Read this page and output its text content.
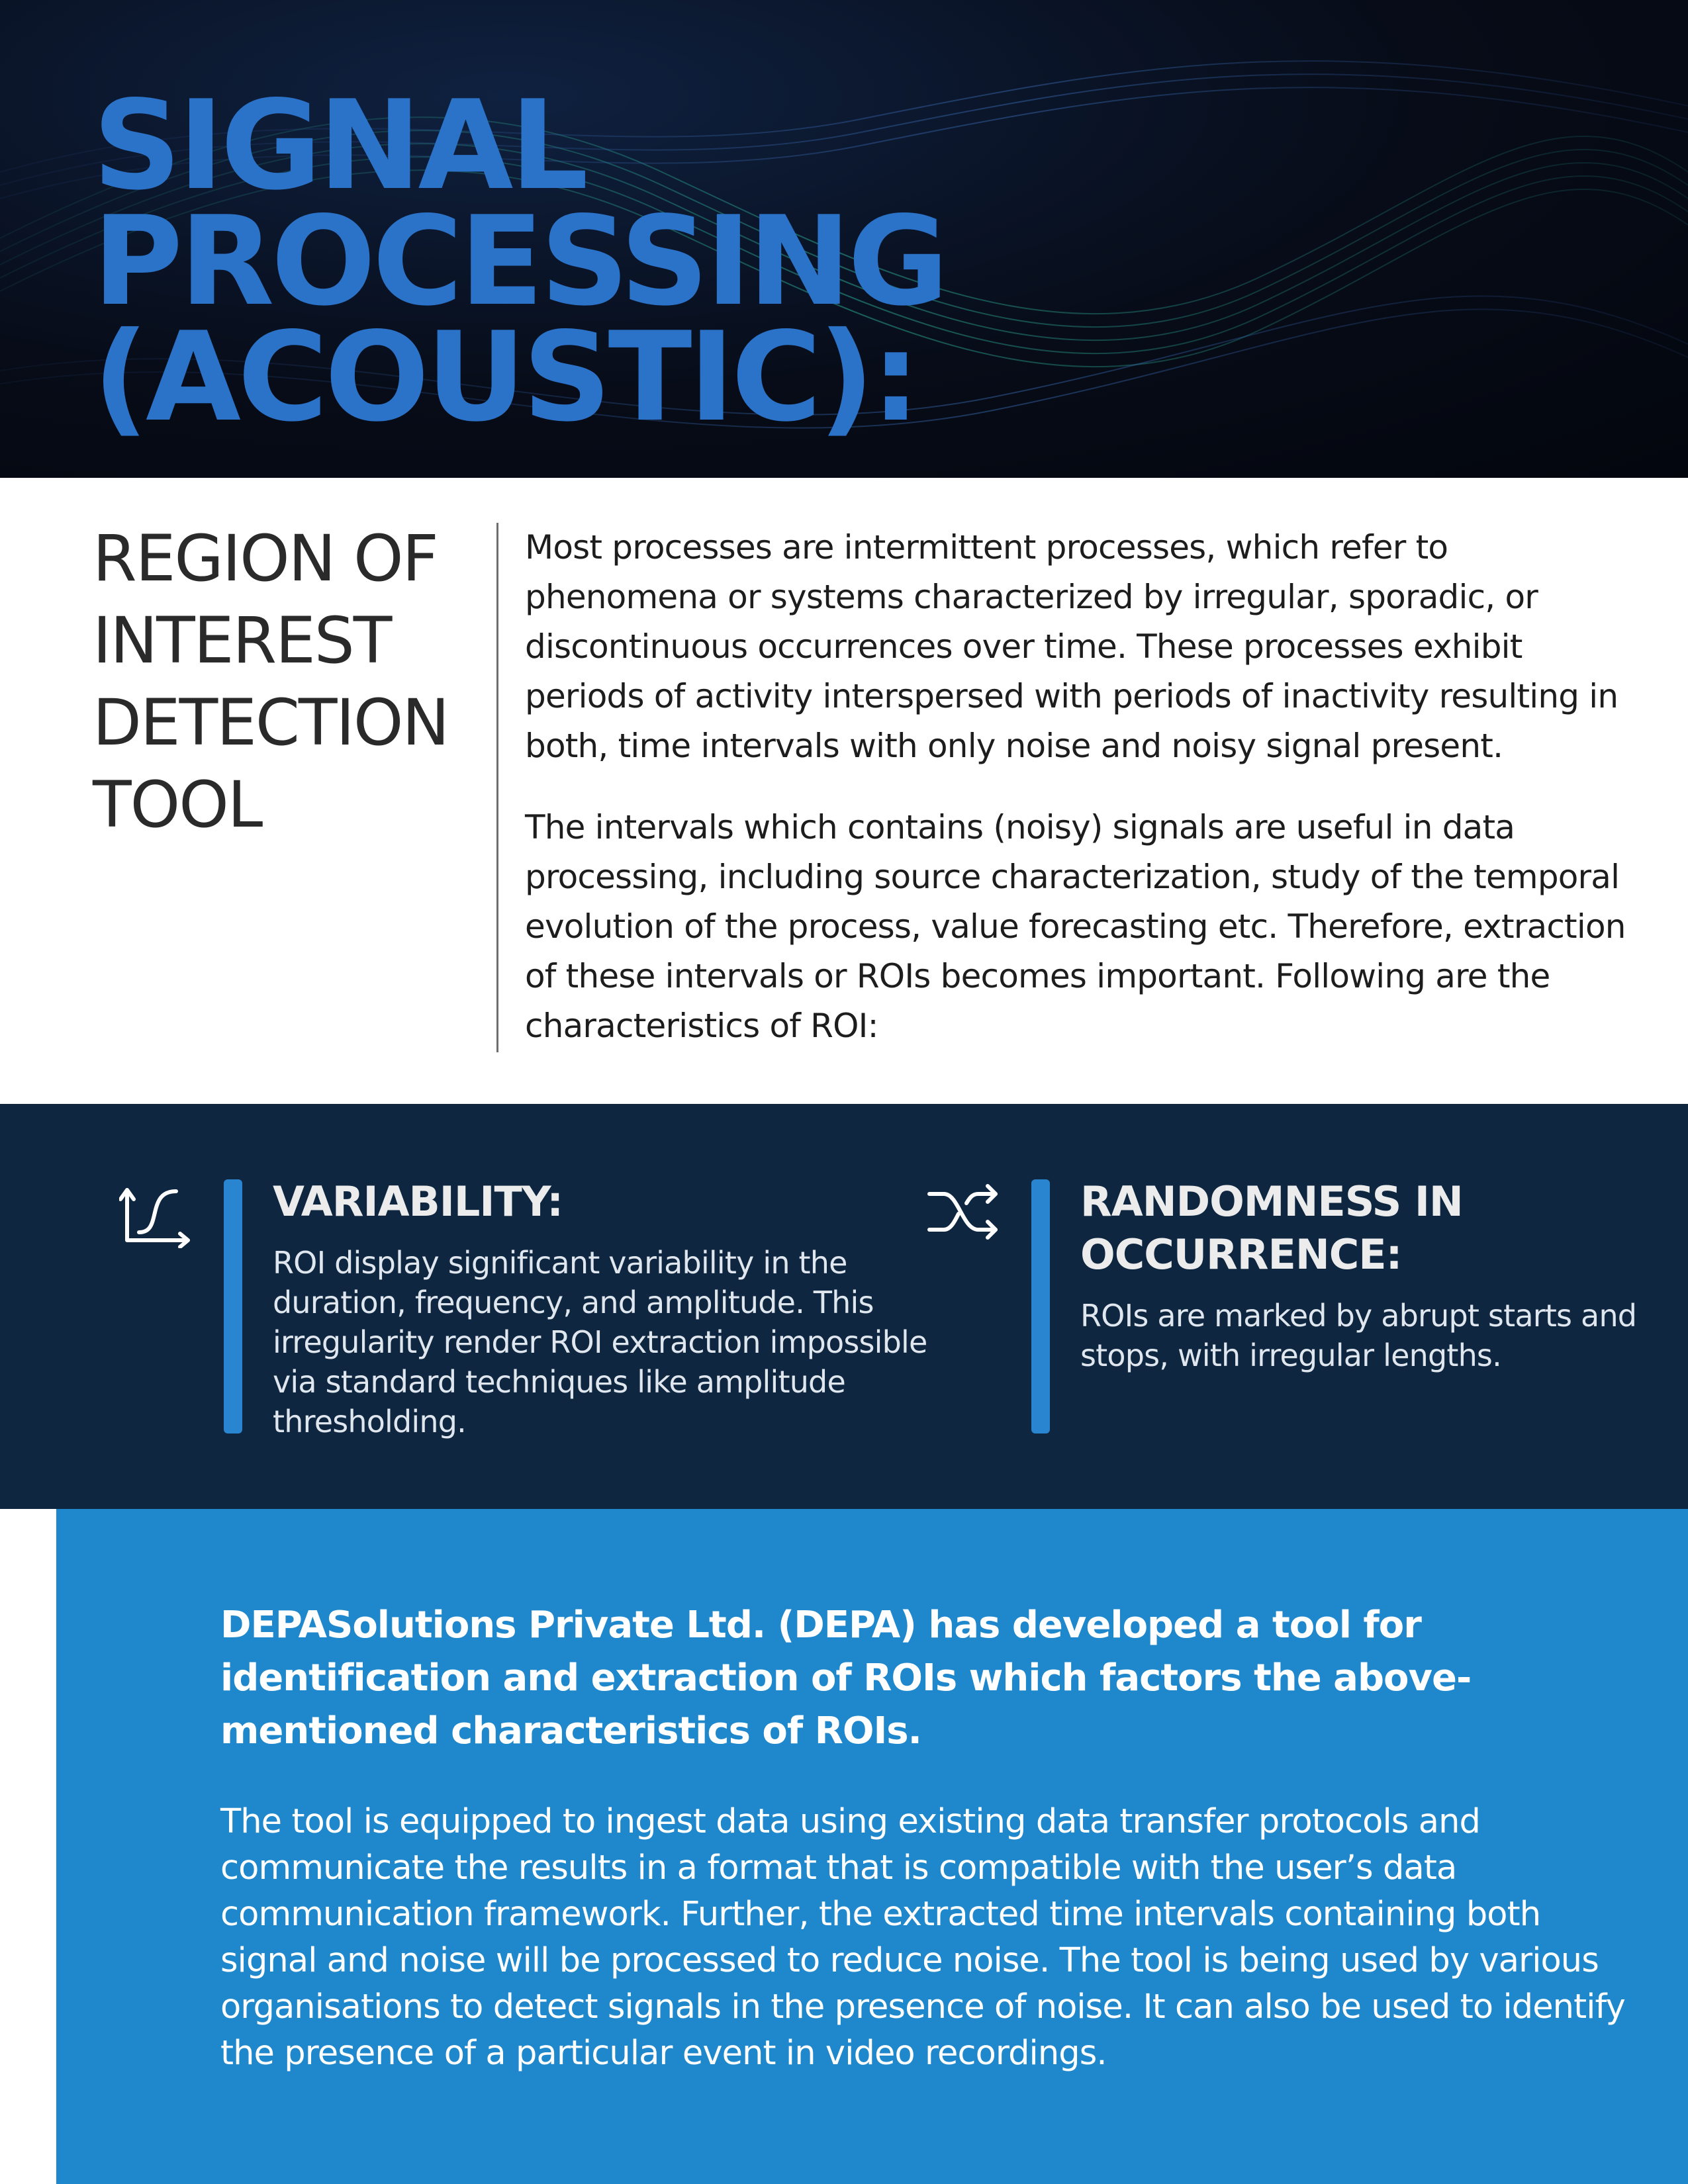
SIGNAL
PROCESSING
(ACOUSTIC):
REGION OF
INTEREST
DETECTION
TOOL

Most processes are intermittent processes, which refer to phenomena or systems characterized by irregular, sporadic, or discontinuous occurrences over time. These processes exhibit periods of activity interspersed with periods of inactivity resulting in both, time intervals with only noise and noisy signal present.

The intervals which contains (noisy) signals are useful in data processing, including source characterization, study of the temporal evolution of the process, value forecasting etc. Therefore, extraction of these intervals or ROIs becomes important. Following are the characteristics of ROI:

VARIABILITY:

ROI display significant variability in the duration, frequency, and amplitude. This irregularity render ROI extraction impossible via standard techniques like amplitude thresholding.

RANDOMNESS IN OCCURRENCE:

ROIs are marked by abrupt starts and stops, with irregular lengths.

DEPASolutions Private Ltd. (DEPA) has developed a tool for identification and extraction of ROIs which factors the above-mentioned characteristics of ROIs.

The tool is equipped to ingest data using existing data transfer protocols and communicate the results in a format that is compatible with the user’s data communication framework. Further, the extracted time intervals containing both signal and noise will be processed to reduce noise. The tool is being used by various organisations to detect signals in the presence of noise. It can also be used to identify the presence of a particular event in video recordings.
